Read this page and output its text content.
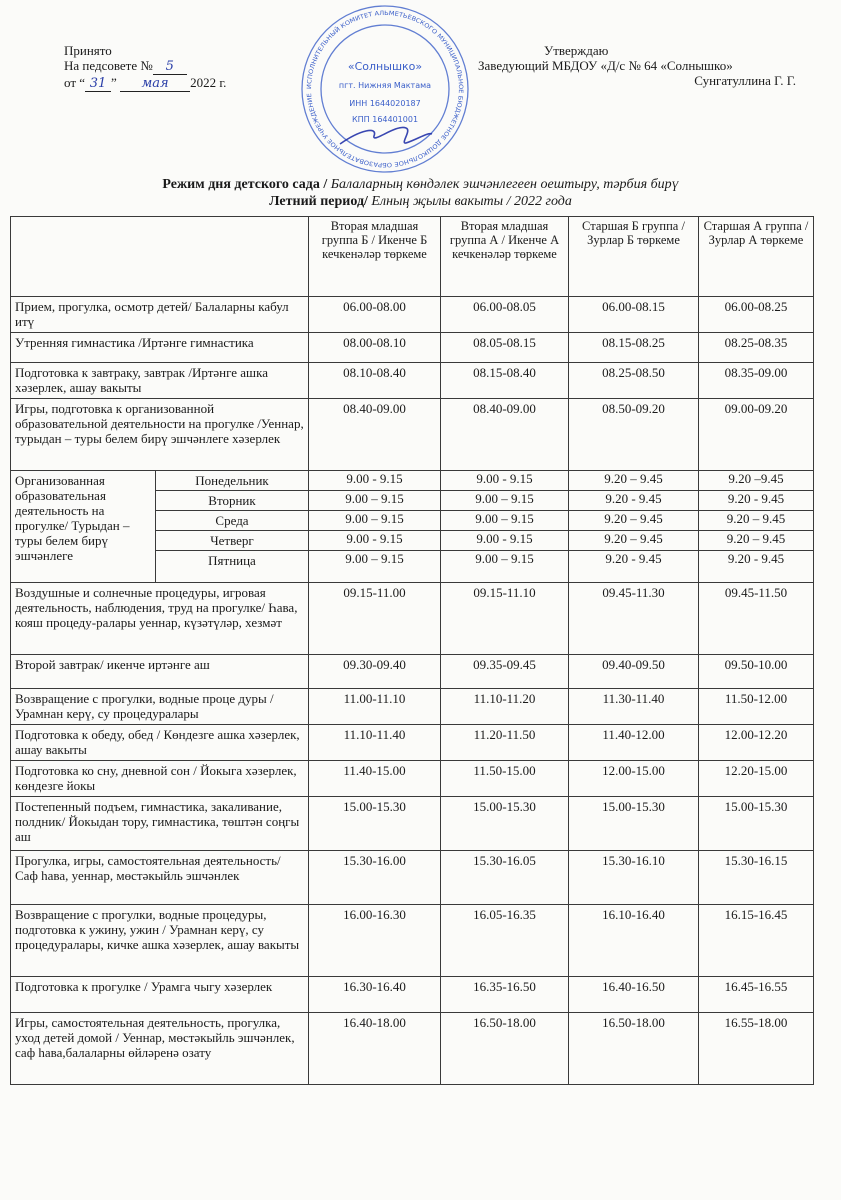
Принято
На педсовете № 5
от “ 31 ” мая 2022 г.	ИСПОЛНИТЕЛЬНЫЙ КОМИТЕТ АЛЬМЕТЬЕВСКОГО МУНИЦИПАЛЬНОЕ БЮДЖЕТНОЕ ДОШКОЛЬНОЕ ОБРАЗОВАТЕЛЬНОЕ УЧРЕЖДЕНИЕ
«Солнышко»
пгт. Нижняя Мактама
ИНН 1644020187
КПП 164401001
Утверждаю
Заведующий МБДОУ «Д/с № 64 «Солнышко»
Сунгатуллина Г. Г.
Режим дня детского сада / Балаларның көндәлек эшчәнлегеен оештыру, тәрбия бирү
Летний период/ Елның җылы вакыты / 2022 года
		Вторая младшая группа Б / Икенче Б кечкенәләр төркеме	Вторая младшая группа А / Икенче А кечкенәләр төркеме	Старшая Б группа / Зурлар Б төркеме	Старшая А группа / Зурлар А төркеме
Прием, прогулка, осмотр детей/ Балаларны кабул итү		06.00-08.00	06.00-08.05	06.00-08.15	06.00-08.25
Утренняя гимнастика /Иртәнге гимнастика		08.00-08.10	08.05-08.15	08.15-08.25	08.25-08.35
Подготовка к завтраку, завтрак /Иртәнге ашка хәзерлек, ашау вакыты		08.10-08.40	08.15-08.40	08.25-08.50	08.35-09.00
Игры, подготовка к организованной образовательной деятельности на прогулке /Уеннар, турыдан – туры белем бирү эшчәнлеге хәзерлек		08.40-09.00	08.40-09.00	08.50-09.20	09.00-09.20
Организованная образовательная деятельность на прогулке/ Турыдан – туры белем бирү эшчәнлеге	Понедельник	9.00 - 9.15	9.00 - 9.15	9.20 – 9.45	9.20 –9.45
	Вторник	9.00 – 9.15	9.00 – 9.15	9.20 - 9.45	9.20 - 9.45
	Среда	9.00 – 9.15	9.00 – 9.15	9.20 – 9.45	9.20 – 9.45
	Четверг	9.00 - 9.15	9.00 - 9.15	9.20 – 9.45	9.20 – 9.45
	Пятница	9.00 – 9.15	9.00 – 9.15	9.20 - 9.45	9.20 - 9.45
Воздушные и солнечные процедуры, игровая деятельность, наблюдения, труд на прогулке/ Һава, кояш процеду-ралары уеннар, күзәтүләр, хезмәт		09.15-11.00	09.15-11.10	09.45-11.30	09.45-11.50
Второй завтрак/ икенче иртәнге аш		09.30-09.40	09.35-09.45	09.40-09.50	09.50-10.00
Возвращение с прогулки, водные проце дуры /Урамнан керү, су процедуралары		11.00-11.10	11.10-11.20	11.30-11.40	11.50-12.00
Подготовка к обеду, обед / Көндезге ашка хәзерлек, ашау вакыты		11.10-11.40	11.20-11.50	11.40-12.00	12.00-12.20
Подготовка ко сну, дневной сон / Йокыга хәзерлек, көндезге йокы		11.40-15.00	11.50-15.00	12.00-15.00	12.20-15.00
Постепенный подъем, гимнастика, закаливание, полдник/ Йокыдан тору, гимнастика, төштән соңгы аш		15.00-15.30	15.00-15.30	15.00-15.30	15.00-15.30
Прогулка, игры, самостоятельная деятельность/ Саф һава, уеннар, мөстәкыйль эшчәнлек		15.30-16.00	15.30-16.05	15.30-16.10	15.30-16.15
Возвращение с прогулки, водные процедуры, подготовка к ужину, ужин / Урамнан керү, су процедуралары, кичке ашка хәзерлек, ашау вакыты		16.00-16.30	16.05-16.35	16.10-16.40	16.15-16.45
Подготовка к прогулке / Урамга чыгу хәзерлек		16.30-16.40	16.35-16.50	16.40-16.50	16.45-16.55
Игры, самостоятельная деятельность, прогулка, уход детей домой / Уеннар, мөстәкыйль эшчәнлек, саф һава,балаларны өйләренә озату		16.40-18.00	16.50-18.00	16.50-18.00	16.55-18.00
